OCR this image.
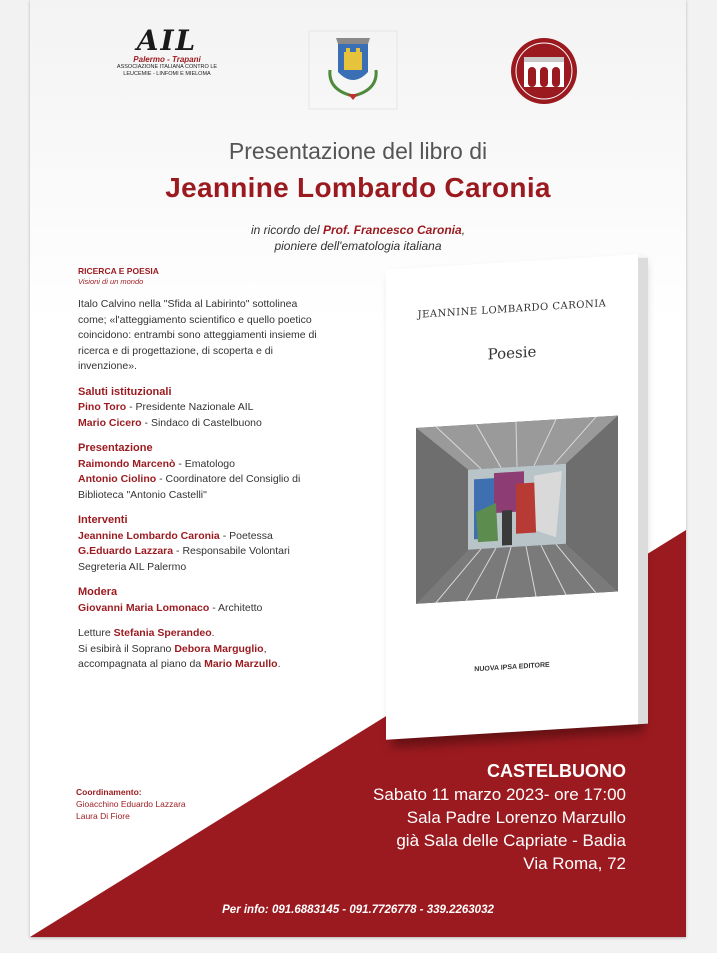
AIL
Palermo - Trapani
ASSOCIAZIONE ITALIANA CONTRO LE
LEUCEMIE - LINFOMI E MIELOMA
Presentazione del libro di
Jeannine Lombardo Caronia
in ricordo del Prof. Francesco Caronia,
pioniere dell'ematologia italiana
RICERCA E POESIA
Visioni di un mondo
Italo Calvino nella "Sfida al Labirinto" sottolinea come; «l'atteggiamento scientifico e quello poetico coincidono: entrambi sono atteggiamenti insieme di ricerca e di progettazione, di scoperta e di invenzione».
Saluti istituzionali
Pino Toro - Presidente Nazionale AIL
Mario Cicero - Sindaco di Castelbuono
Presentazione
Raimondo Marcenò - Ematologo
Antonio Ciolino - Coordinatore del Consiglio di Biblioteca "Antonio Castelli"
Interventi
Jeannine Lombardo Caronia - Poetessa
G.Eduardo Lazzara - Responsabile Volontari Segreteria AIL Palermo
Modera
Giovanni Maria Lomonaco - Architetto
Letture Stefania Sperandeo.
Si esibirà il Soprano Debora Marguglio,
accompagnata al piano da Mario Marzullo.
Coordinamento:
Gioacchino Eduardo Lazzara
Laura Di Fiore
JEANNINE LOMBARDO CARONIA
Poesie
NUOVA IPSA EDITORE
CASTELBUONO
Sabato 11 marzo 2023- ore 17:00
Sala Padre Lorenzo Marzullo
già Sala delle Capriate - Badia
Via Roma, 72
Per info: 091.6883145 - 091.7726778 - 339.2263032
